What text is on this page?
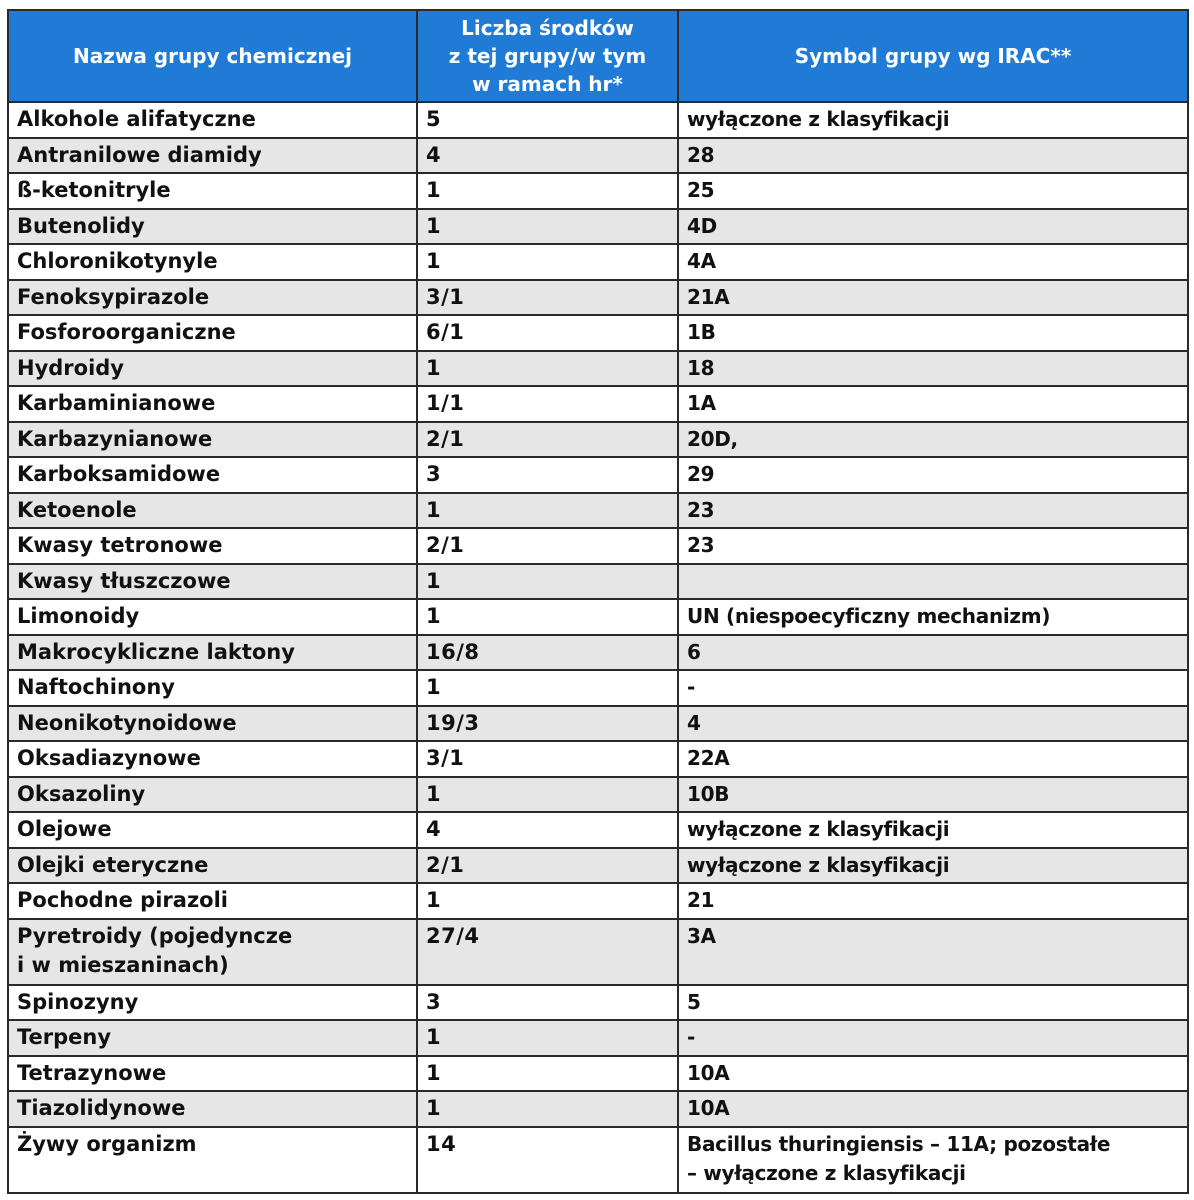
Nazwa grupy chemicznej	Liczba środków
z tej grupy/w tym
w ramach hr*	Symbol grupy wg IRAC**
Alkohole alifatyczne	5	wyłączone z klasyfikacji
Antranilowe diamidy	4	28
ß-ketonitryle	1	25
Butenolidy	1	4D
Chloronikotynyle	1	4A
Fenoksypirazole	3/1	21A
Fosforoorganiczne	6/1	1B
Hydroidy	1	18
Karbaminianowe	1/1	1A
Karbazynianowe	2/1	20D,
Karboksamidowe	3	29
Ketoenole	1	23
Kwasy tetronowe	2/1	23
Kwasy tłuszczowe	1	
Limonoidy	1	UN (niespoecyficzny mechanizm)
Makrocykliczne laktony	16/8	6
Naftochinony	1	-
Neonikotynoidowe	19/3	4
Oksadiazynowe	3/1	22A
Oksazoliny	1	10B
Olejowe	4	wyłączone z klasyfikacji
Olejki eteryczne	2/1	wyłączone z klasyfikacji
Pochodne pirazoli	1	21
Pyretroidy (pojedyncze
i w mieszaninach)	27/4	3A
Spinozyny	3	5
Terpeny	1	-
Tetrazynowe	1	10A
Tiazolidynowe	1	10A
Żywy organizm	14	Bacillus thuringiensis – 11A; pozostałe
– wyłączone z klasyfikacji
